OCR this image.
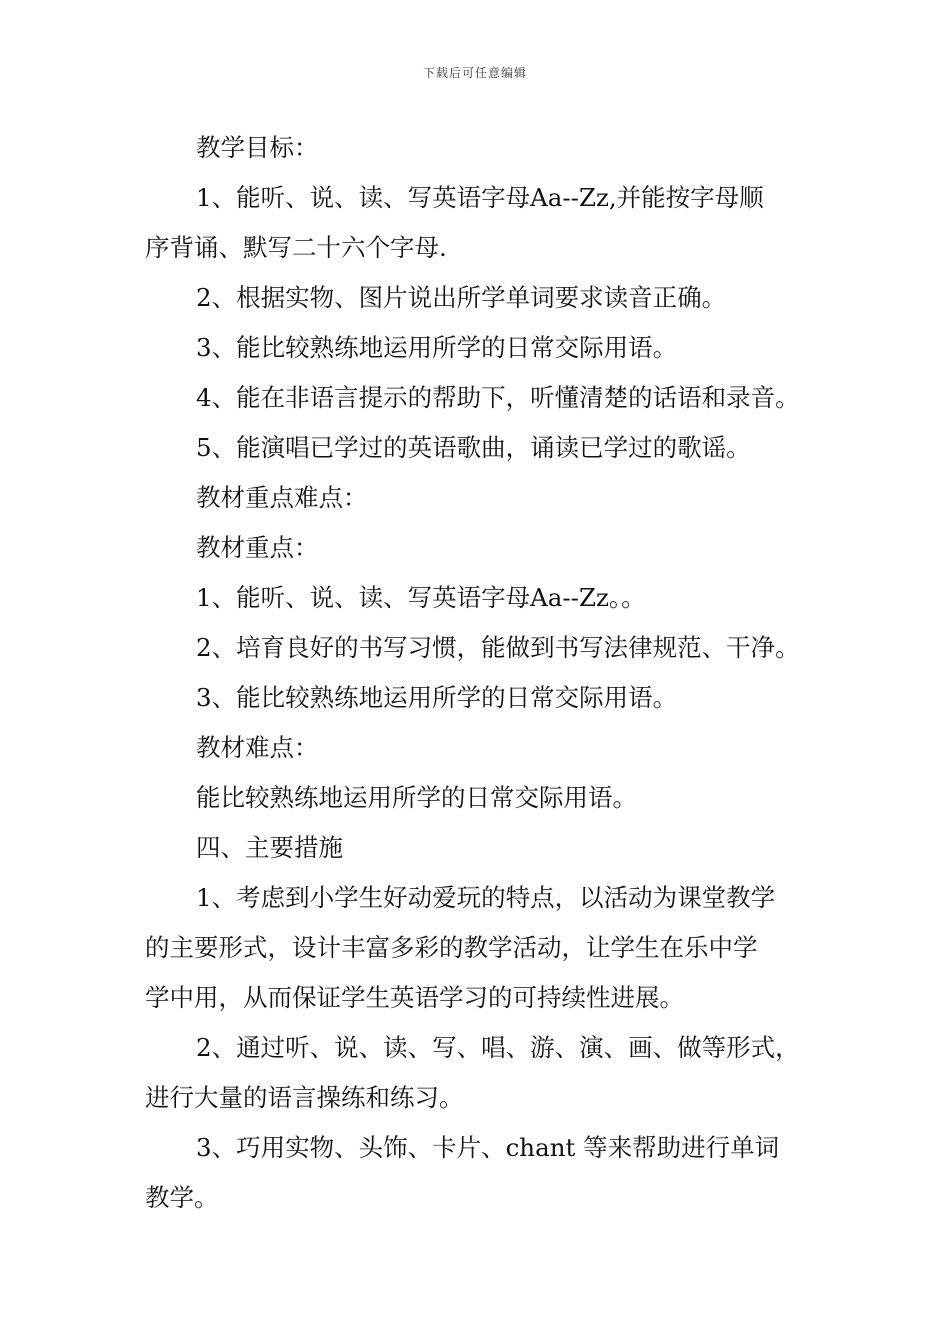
下载后可任意编辑
教学目标：
1、能听、说、读、写英语字母Aa--Zz,并能按字母顺
序背诵、默写二十六个字母.
2、根据实物、图片说出所学单词要求读音正确。
3、能比较熟练地运用所学的日常交际用语。
4、能在非语言提示的帮助下，听懂清楚的话语和录音。
5、能演唱已学过的英语歌曲，诵读已学过的歌谣。
教材重点难点：
教材重点：
1、能听、说、读、写英语字母Aa--Zz。。
2、培育良好的书写习惯，能做到书写法律规范、干净。
3、能比较熟练地运用所学的日常交际用语。
教材难点：
能比较熟练地运用所学的日常交际用语。
四、主要措施
1、考虑到小学生好动爱玩的特点，以活动为课堂教学
的主要形式，设计丰富多彩的教学活动，让学生在乐中学
学中用，从而保证学生英语学习的可持续性进展。
2、通过听、说、读、写、唱、游、演、画、做等形式，
进行大量的语言操练和练习。
3、巧用实物、头饰、卡片、chant 等来帮助进行单词
教学。
